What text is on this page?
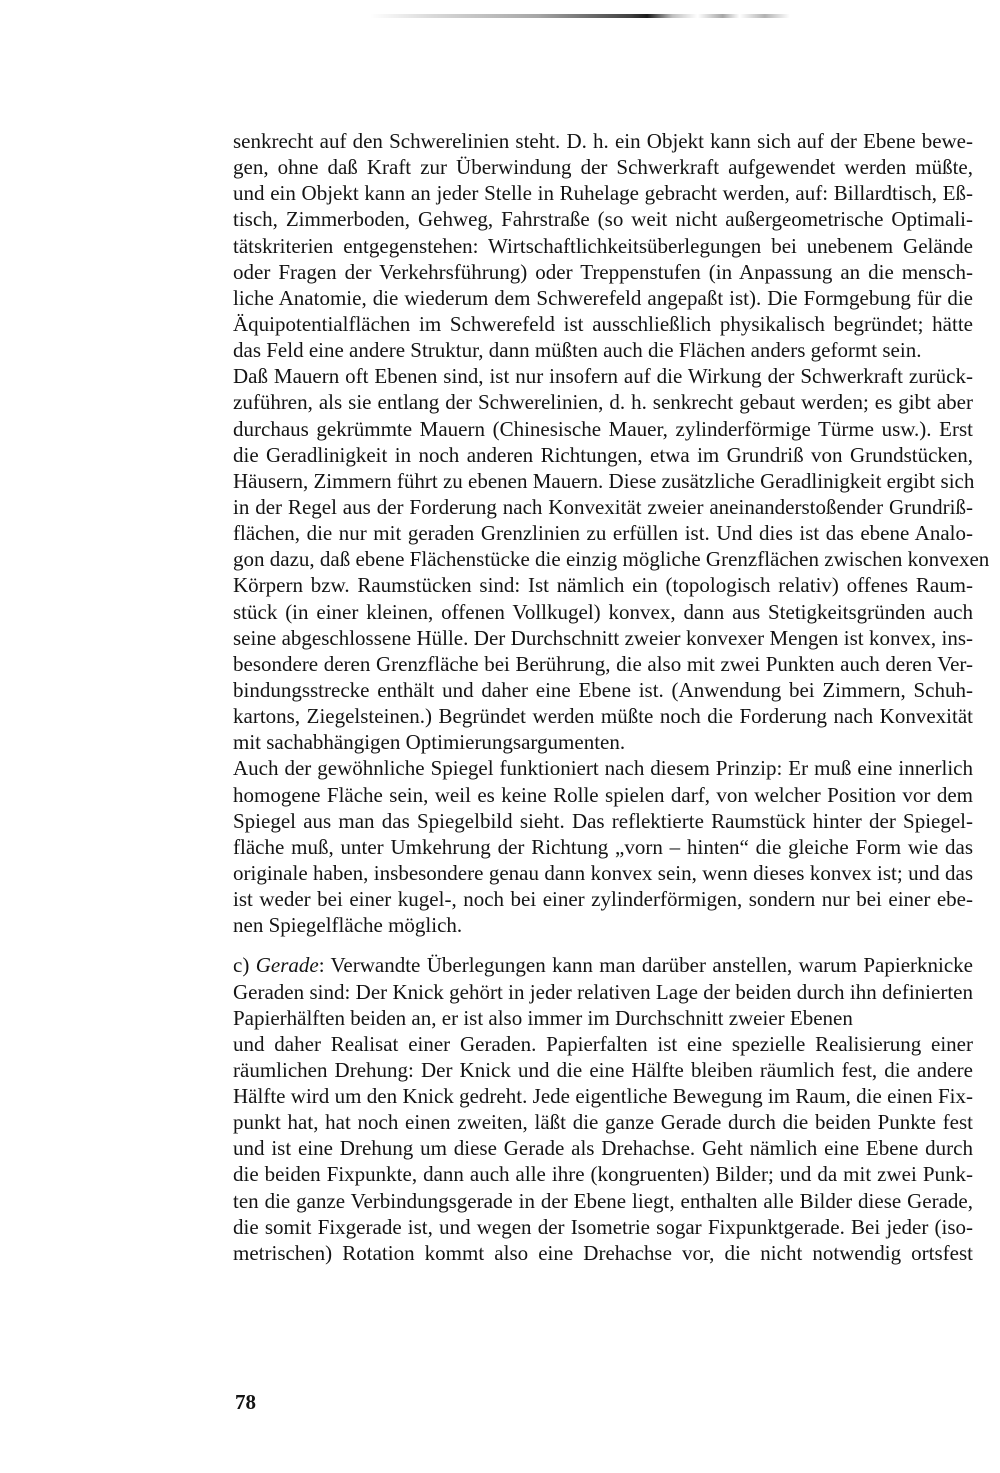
senkrecht auf den Schwerelinien steht. D. h. ein Objekt kann sich auf der Ebene bewe-
gen, ohne daß Kraft zur Überwindung der Schwerkraft aufgewendet werden müßte,
und ein Objekt kann an jeder Stelle in Ruhelage gebracht werden, auf: Billardtisch, Eß-
tisch, Zimmerboden, Gehweg, Fahrstraße (so weit nicht außergeometrische Optimali-
tätskriterien entgegenstehen: Wirtschaftlichkeitsüberlegungen bei unebenem Gelände
oder Fragen der Verkehrsführung) oder Treppenstufen (in Anpassung an die mensch-
liche Anatomie, die wiederum dem Schwerefeld angepaßt ist). Die Formgebung für die
Äquipotentialflächen im Schwerefeld ist ausschließlich physikalisch begründet; hätte
das Feld eine andere Struktur, dann müßten auch die Flächen anders geformt sein.
Daß Mauern oft Ebenen sind, ist nur insofern auf die Wirkung der Schwerkraft zurück-
zuführen, als sie entlang der Schwerelinien, d. h. senkrecht gebaut werden; es gibt aber
durchaus gekrümmte Mauern (Chinesische Mauer, zylinderförmige Türme usw.). Erst
die Geradlinigkeit in noch anderen Richtungen, etwa im Grundriß von Grundstücken,
Häusern, Zimmern führt zu ebenen Mauern. Diese zusätzliche Geradlinigkeit ergibt sich
in der Regel aus der Forderung nach Konvexität zweier aneinanderstoßender Grundriß-
flächen, die nur mit geraden Grenzlinien zu erfüllen ist. Und dies ist das ebene Analo-
gon dazu, daß ebene Flächenstücke die einzig mögliche Grenzflächen zwischen konvexen
Körpern bzw. Raumstücken sind: Ist nämlich ein (topologisch relativ) offenes Raum-
stück (in einer kleinen, offenen Vollkugel) konvex, dann aus Stetigkeitsgründen auch
seine abgeschlossene Hülle. Der Durchschnitt zweier konvexer Mengen ist konvex, ins-
besondere deren Grenzfläche bei Berührung, die also mit zwei Punkten auch deren Ver-
bindungsstrecke enthält und daher eine Ebene ist. (Anwendung bei Zimmern, Schuh-
kartons, Ziegelsteinen.) Begründet werden müßte noch die Forderung nach Konvexität
mit sachabhängigen Optimierungsargumenten.
Auch der gewöhnliche Spiegel funktioniert nach diesem Prinzip: Er muß eine innerlich
homogene Fläche sein, weil es keine Rolle spielen darf, von welcher Position vor dem
Spiegel aus man das Spiegelbild sieht. Das reflektierte Raumstück hinter der Spiegel-
fläche muß, unter Umkehrung der Richtung „vorn – hinten“ die gleiche Form wie das
originale haben, insbesondere genau dann konvex sein, wenn dieses konvex ist; und das
ist weder bei einer kugel-, noch bei einer zylinderförmigen, sondern nur bei einer ebe-
nen Spiegelfläche möglich.
c) Gerade: Verwandte Überlegungen kann man darüber anstellen, warum Papierknicke
Geraden sind: Der Knick gehört in jeder relativen Lage der beiden durch ihn definierten
Papierhälften beiden an, er ist also immer im Durchschnitt zweier Ebenen
und daher Realisat einer Geraden. Papierfalten ist eine spezielle Realisierung einer
räumlichen Drehung: Der Knick und die eine Hälfte bleiben räumlich fest, die andere
Hälfte wird um den Knick gedreht. Jede eigentliche Bewegung im Raum, die einen Fix-
punkt hat, hat noch einen zweiten, läßt die ganze Gerade durch die beiden Punkte fest
und ist eine Drehung um diese Gerade als Drehachse. Geht nämlich eine Ebene durch
die beiden Fixpunkte, dann auch alle ihre (kongruenten) Bilder; und da mit zwei Punk-
ten die ganze Verbindungsgerade in der Ebene liegt, enthalten alle Bilder diese Gerade,
die somit Fixgerade ist, und wegen der Isometrie sogar Fixpunktgerade. Bei jeder (iso-
metrischen) Rotation kommt also eine Drehachse vor, die nicht notwendig ortsfest
78
